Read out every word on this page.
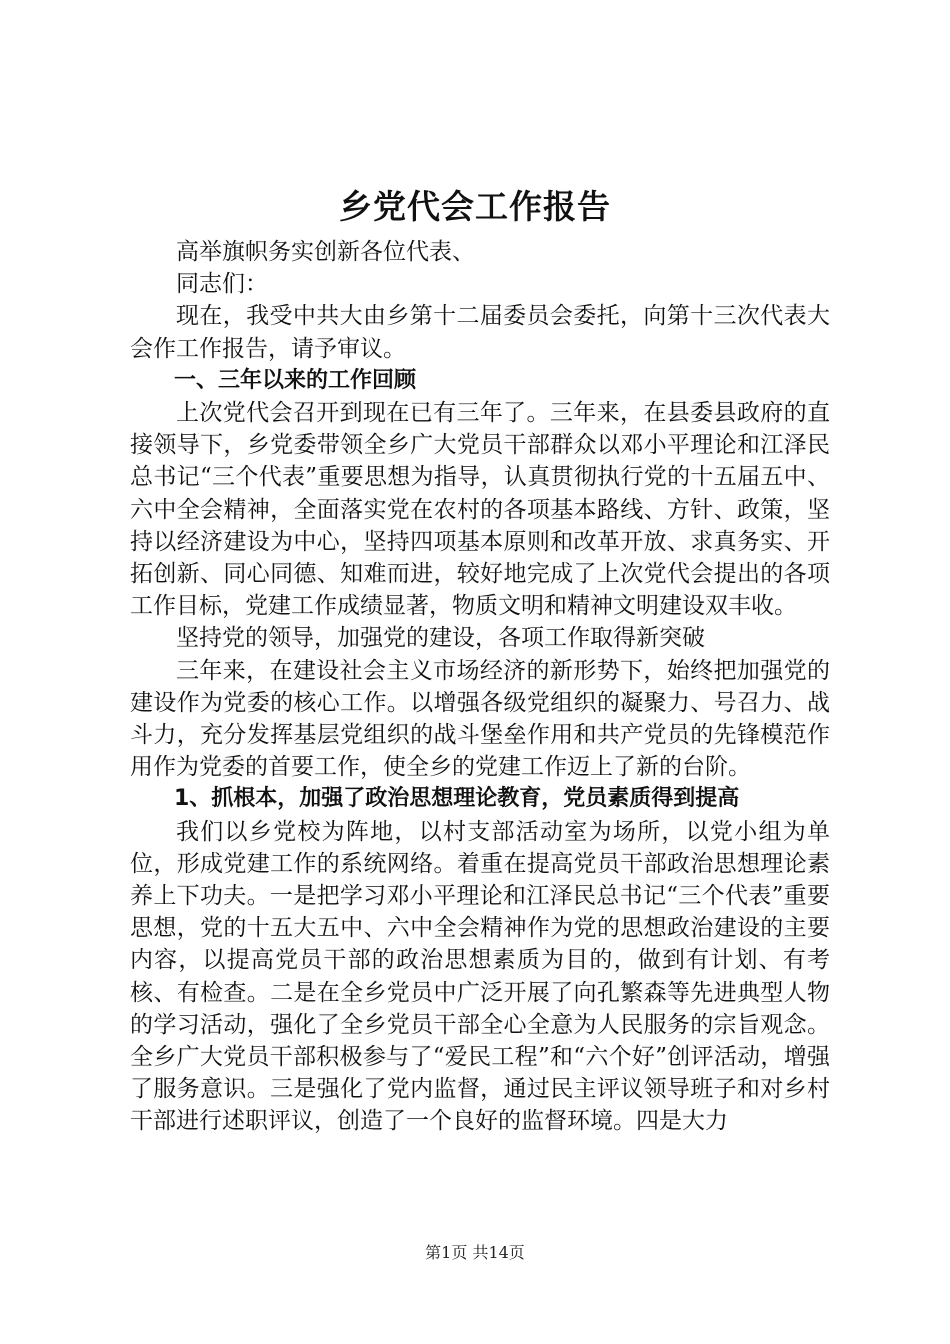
乡党代会工作报告

高举旗帜务实创新各位代表、

同志们：

现在，我受中共大由乡第十二届委员会委托，向第十三次代表大会作工作报告，请予审议。

一、三年以来的工作回顾

上次党代会召开到现在已有三年了。三年来，在县委县政府的直接领导下，乡党委带领全乡广大党员干部群众以邓小平理论和江泽民总书记“三个代表”重要思想为指导，认真贯彻执行党的十五届五中、六中全会精神，全面落实党在农村的各项基本路线、方针、政策，坚持以经济建设为中心，坚持四项基本原则和改革开放、求真务实、开拓创新、同心同德、知难而进，较好地完成了上次党代会提出的各项工作目标，党建工作成绩显著，物质文明和精神文明建设双丰收。

坚持党的领导，加强党的建设，各项工作取得新突破

三年来，在建设社会主义市场经济的新形势下，始终把加强党的建设作为党委的核心工作。以增强各级党组织的凝聚力、号召力、战斗力，充分发挥基层党组织的战斗堡垒作用和共产党员的先锋模范作用作为党委的首要工作，使全乡的党建工作迈上了新的台阶。

1、抓根本，加强了政治思想理论教育，党员素质得到提高

我们以乡党校为阵地，以村支部活动室为场所，以党小组为单位，形成党建工作的系统网络。着重在提高党员干部政治思想理论素养上下功夫。一是把学习邓小平理论和江泽民总书记“三个代表”重要思想，党的十五大五中、六中全会精神作为党的思想政治建设的主要内容，以提高党员干部的政治思想素质为目的，做到有计划、有考核、有检查。二是在全乡党员中广泛开展了向孔繁森等先进典型人物的学习活动，强化了全乡党员干部全心全意为人民服务的宗旨观念。全乡广大党员干部积极参与了“爱民工程”和“六个好”创评活动，增强了服务意识。三是强化了党内监督，通过民主评议领导班子和对乡村干部进行述职评议，创造了一个良好的监督环境。四是大力

第1页 共14页
